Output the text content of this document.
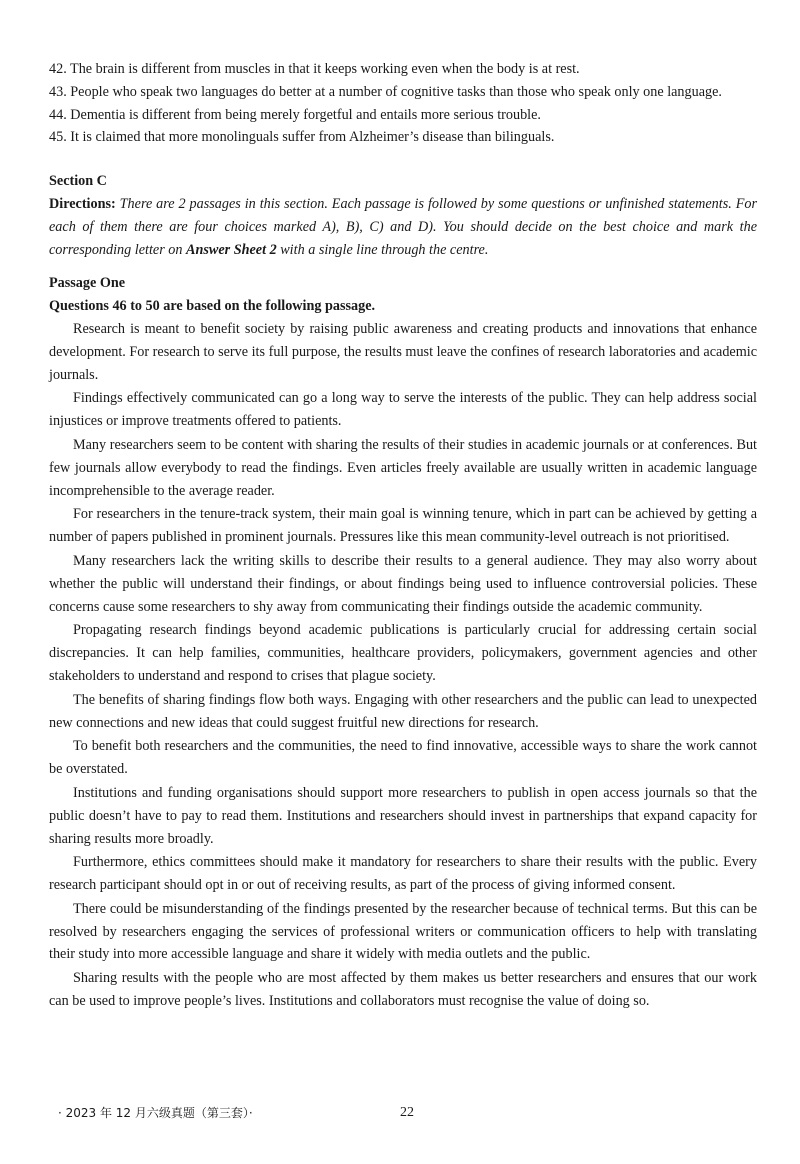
42. The brain is different from muscles in that it keeps working even when the body is at rest.
43. People who speak two languages do better at a number of cognitive tasks than those who speak only one language.
44. Dementia is different from being merely forgetful and entails more serious trouble.
45. It is claimed that more monolinguals suffer from Alzheimer’s disease than bilinguals.
Section C
Directions: There are 2 passages in this section. Each passage is followed by some questions or unfinished statements. For each of them there are four choices marked A), B), C) and D). You should decide on the best choice and mark the corresponding letter on Answer Sheet 2 with a single line through the centre.
Passage One
Questions 46 to 50 are based on the following passage.

Research is meant to benefit society by raising public awareness and creating products and innovations that enhance development. For research to serve its full purpose, the results must leave the confines of research laboratories and academic journals.

Findings effectively communicated can go a long way to serve the interests of the public. They can help address social injustices or improve treatments offered to patients.

Many researchers seem to be content with sharing the results of their studies in academic journals or at conferences. But few journals allow everybody to read the findings. Even articles freely available are usually written in academic language incomprehensible to the average reader.

For researchers in the tenure-track system, their main goal is winning tenure, which in part can be achieved by getting a number of papers published in prominent journals. Pressures like this mean community-level outreach is not prioritised.

Many researchers lack the writing skills to describe their results to a general audience. They may also worry about whether the public will understand their findings, or about findings being used to influence controversial policies. These concerns cause some researchers to shy away from communicating their findings outside the academic community.

Propagating research findings beyond academic publications is particularly crucial for addressing certain social discrepancies. It can help families, communities, healthcare providers, policymakers, government agencies and other stakeholders to understand and respond to crises that plague society.

The benefits of sharing findings flow both ways. Engaging with other researchers and the public can lead to unexpected new connections and new ideas that could suggest fruitful new directions for research.

To benefit both researchers and the communities, the need to find innovative, accessible ways to share the work cannot be overstated.

Institutions and funding organisations should support more researchers to publish in open access journals so that the public doesn’t have to pay to read them. Institutions and researchers should invest in partnerships that expand capacity for sharing results more broadly.

Furthermore, ethics committees should make it mandatory for researchers to share their results with the public. Every research participant should opt in or out of receiving results, as part of the process of giving informed consent.

There could be misunderstanding of the findings presented by the researcher because of technical terms. But this can be resolved by researchers engaging the services of professional writers or communication officers to help with translating their study into more accessible language and share it widely with media outlets and the public.

Sharing results with the people who are most affected by them makes us better researchers and ensures that our work can be used to improve people’s lives. Institutions and collaborators must recognise the value of doing so.

· 2023 年 12 月六级真题（第三套）·	22
